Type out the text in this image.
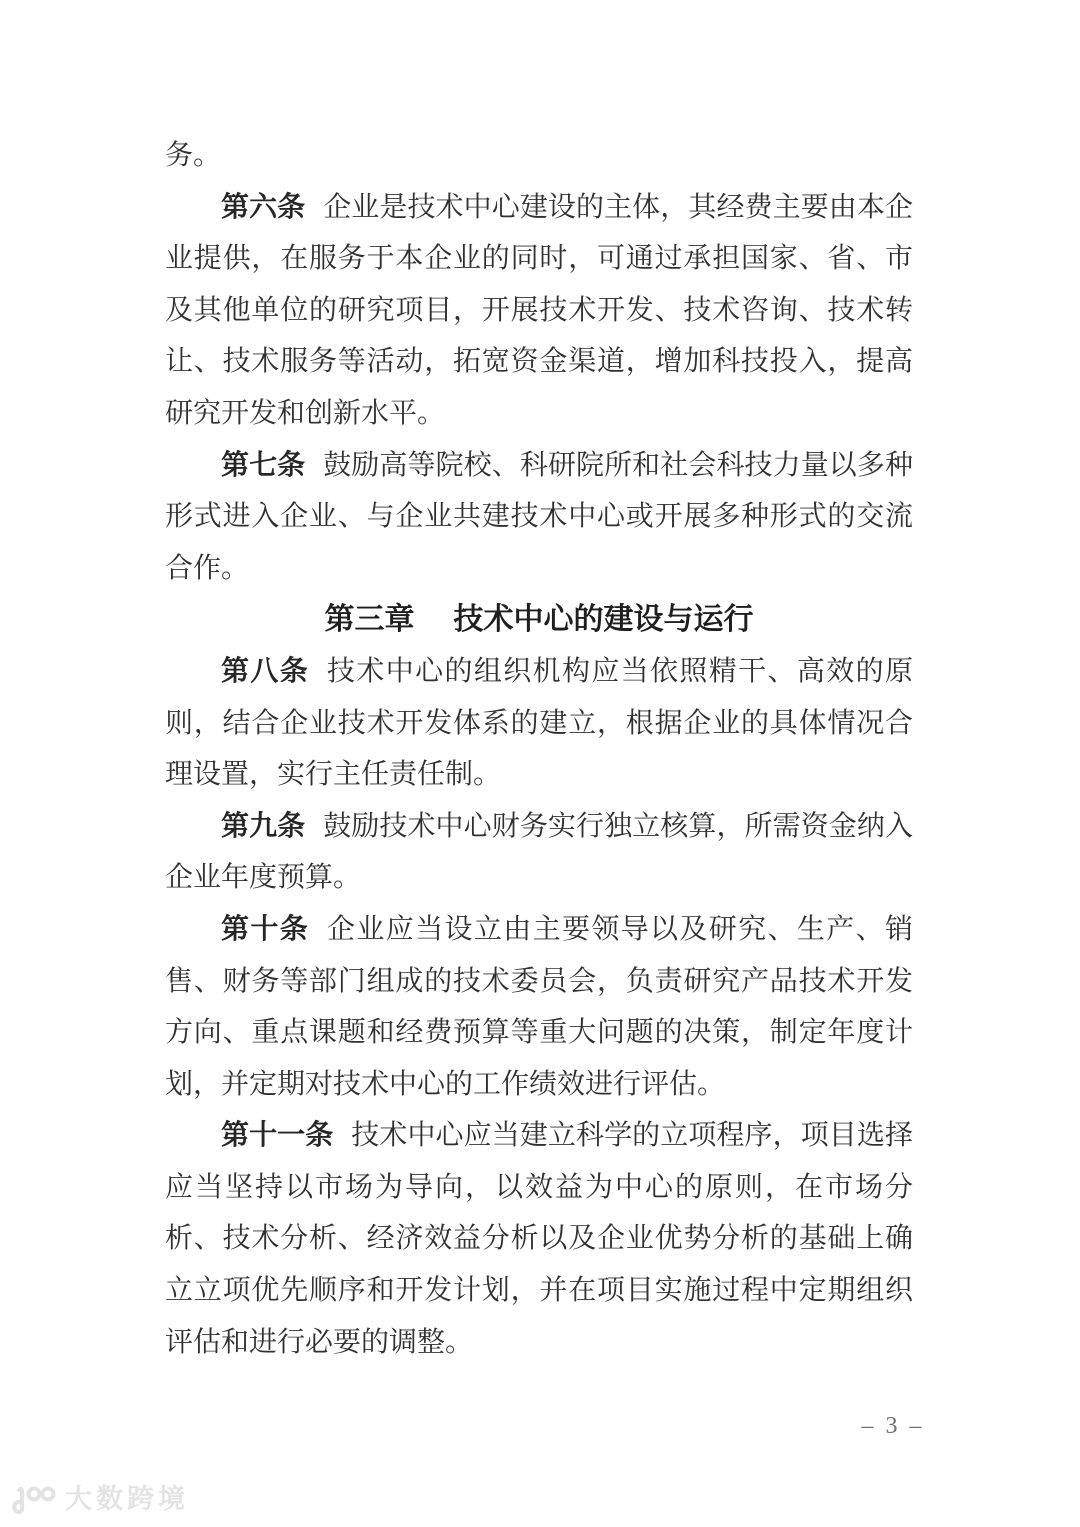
务。

第六条 企业是技术中心建设的主体，其经费主要由本企业提供，在服务于本企业的同时，可通过承担国家、省、市及其他单位的研究项目，开展技术开发、技术咨询、技术转让、技术服务等活动，拓宽资金渠道，增加科技投入，提高研究开发和创新水平。

第七条 鼓励高等院校、科研院所和社会科技力量以多种形式进入企业、与企业共建技术中心或开展多种形式的交流合作。

第三章 技术中心的建设与运行

第八条 技术中心的组织机构应当依照精干、高效的原则，结合企业技术开发体系的建立，根据企业的具体情况合理设置，实行主任责任制。

第九条 鼓励技术中心财务实行独立核算，所需资金纳入企业年度预算。

第十条 企业应当设立由主要领导以及研究、生产、销售、财务等部门组成的技术委员会，负责研究产品技术开发方向、重点课题和经费预算等重大问题的决策，制定年度计划，并定期对技术中心的工作绩效进行评估。

第十一条 技术中心应当建立科学的立项程序，项目选择应当坚持以市场为导向，以效益为中心的原则，在市场分析、技术分析、经济效益分析以及企业优势分析的基础上确立立项优先顺序和开发计划，并在项目实施过程中定期组织评估和进行必要的调整。

– 3 –
大数跨境
